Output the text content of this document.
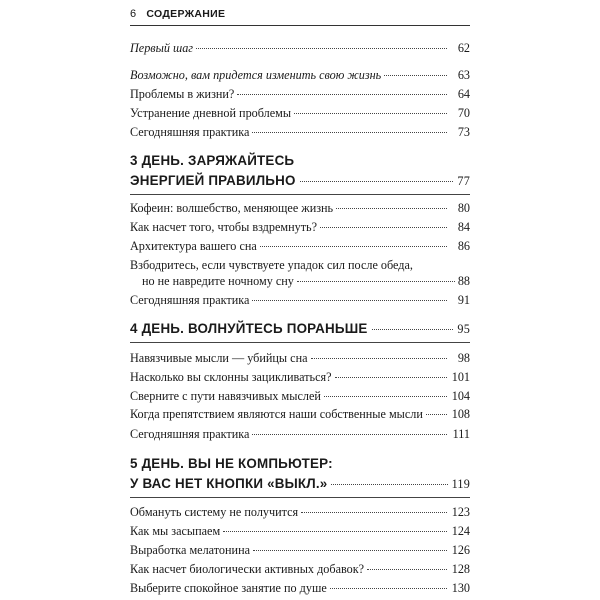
6 СОДЕРЖАНИЕ
Первый шаг	62
Возможно, вам придется изменить свою жизнь	63
Проблемы в жизни?	64
Устранение дневной проблемы	70
Сегодняшняя практика	73
3 ДЕНЬ. ЗАРЯЖАЙТЕСЬ
ЭНЕРГИЕЙ ПРАВИЛЬНО	77
Кофеин: волшебство, меняющее жизнь	80
Как насчет того, чтобы вздремнуть?	84
Архитектура вашего сна	86
Взбодритесь, если чувствуете упадок сил после обеда,
но не навредите ночному сну	88
Сегодняшняя практика	91
4 ДЕНЬ. ВОЛНУЙТЕСЬ ПОРАНЬШЕ	95
Навязчивые мысли — убийцы сна	98
Насколько вы склонны зацикливаться?	101
Свернитe с пути навязчивых мыслей	104
Когда препятствием являются наши собственные мысли 108
Сегодняшняя практика	111
5 ДЕНЬ. ВЫ НЕ КОМПЬЮТЕР:
У ВАС НЕТ КНОПКИ «ВЫКЛ.»	119
Обмануть систему не получится	123
Как мы засыпаем	124
Выработка мелатонина	126
Как насчет биологически активных добавок?	128
Выберите спокойное занятие по душе	130
